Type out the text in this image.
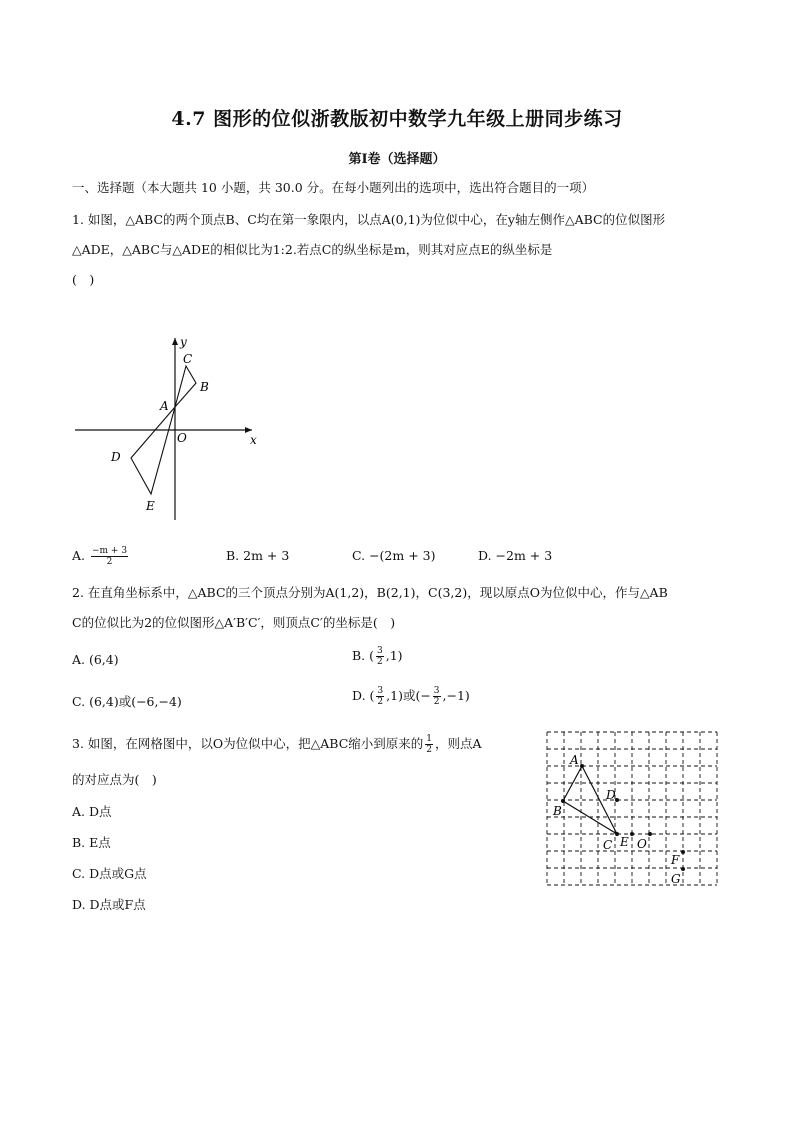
4.7 图形的位似浙教版初中数学九年级上册同步练习
第Ⅰ卷（选择题）
一、选择题（本大题共 10 小题，共 30.0 分。在每小题列出的选项中，选出符合题目的一项）
1. 如图，△ABC的两个顶点B、C均在第一象限内，以点A(0,1)为位似中心，在y轴左侧作△ABC的位似图形
△ADE，△ABC与△ADE的相似比为1:2.若点C的纵坐标是m，则其对应点E的纵坐标是
(　)
y
x
C
B
A
O
D
E
A. $\frac{-m + 3}{2}$	B. 2m + 3	C. −(2m + 3)	D. −2m + 3
2. 在直角坐标系中，△ABC的三个顶点分别为A(1,2)，B(2,1)，C(3,2)，现以原点O为位似中心，作与△AB
C的位似比为2的位似图形△A′B′C′，则顶点C′的坐标是(　)
A. (6,4)	B. ( $\frac{3}{2} ,1$)
C. (6,4)或(−6,−4)	D. ( $\frac{3}{2} ,1$)或(− $\frac{3}{2} ,-1$)
3. 如图，在网格图中，以O为位似中心，把△ABC缩小到原来的 $\frac{1}{2}$ ，则点A
的对应点为(　)
A. D点
B. E点
C. D点或G点
D. D点或F点
A
B
C
D
E O
F
G
